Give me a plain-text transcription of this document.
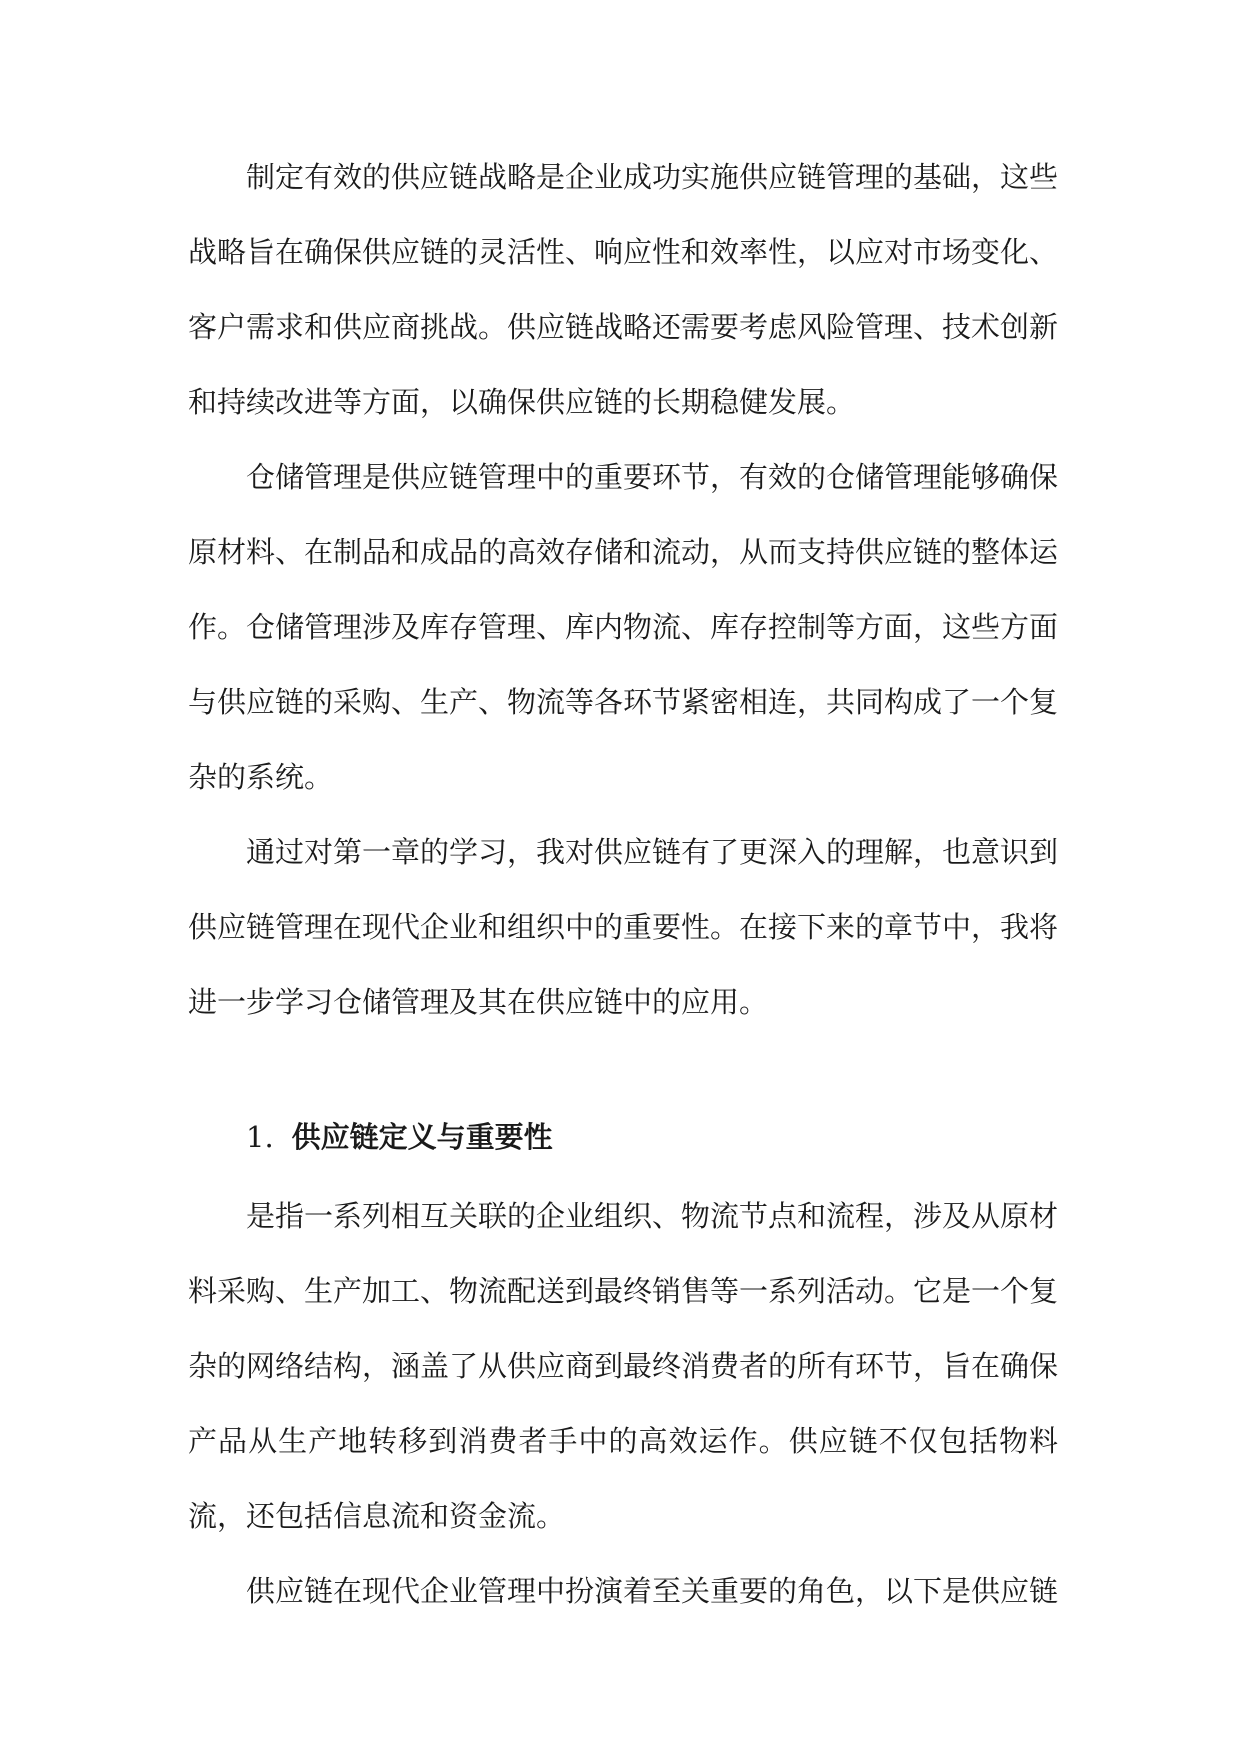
制定有效的供应链战略是企业成功实施供应链管理的基础，这些战略旨在确保供应链的灵活性、响应性和效率性，以应对市场变化、客户需求和供应商挑战。供应链战略还需要考虑风险管理、技术创新和持续改进等方面，以确保供应链的长期稳健发展。

仓储管理是供应链管理中的重要环节，有效的仓储管理能够确保原材料、在制品和成品的高效存储和流动，从而支持供应链的整体运作。仓储管理涉及库存管理、库内物流、库存控制等方面，这些方面与供应链的采购、生产、物流等各环节紧密相连，共同构成了一个复杂的系统。

通过对第一章的学习，我对供应链有了更深入的理解，也意识到供应链管理在现代企业和组织中的重要性。在接下来的章节中，我将进一步学习仓储管理及其在供应链中的应用。

1. 供应链定义与重要性

是指一系列相互关联的企业组织、物流节点和流程，涉及从原材料采购、生产加工、物流配送到最终销售等一系列活动。它是一个复杂的网络结构，涵盖了从供应商到最终消费者的所有环节，旨在确保产品从生产地转移到消费者手中的高效运作。供应链不仅包括物料流，还包括信息流和资金流。

供应链在现代企业管理中扮演着至关重要的角色，以下是供应链
